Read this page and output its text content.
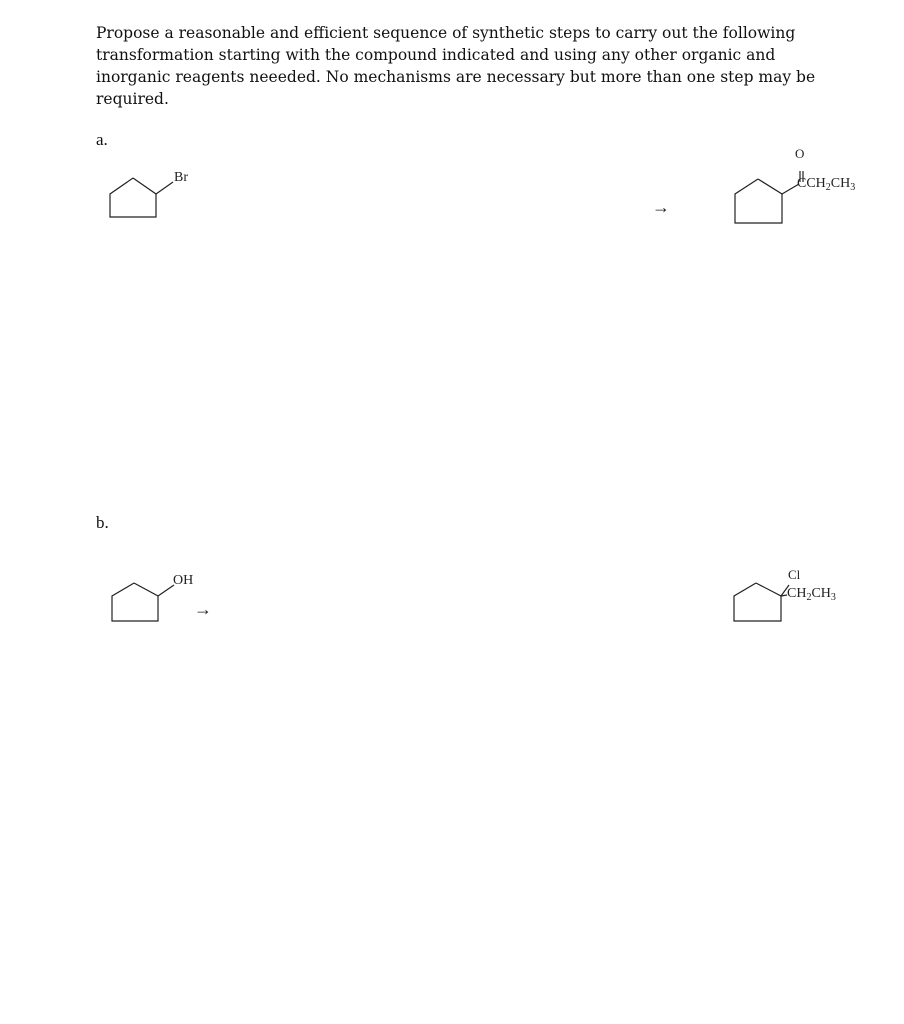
Propose a reasonable and efficient sequence of synthetic steps to carry out the following transformation starting with the compound indicated and using any other organic and inorganic reagents neeeded. No mechanisms are necessary but more than one step may be required.

a.
Br
→
O
$CCH_2CH_3$
b.
OH
→
Cl
$CH_2CH_3$
